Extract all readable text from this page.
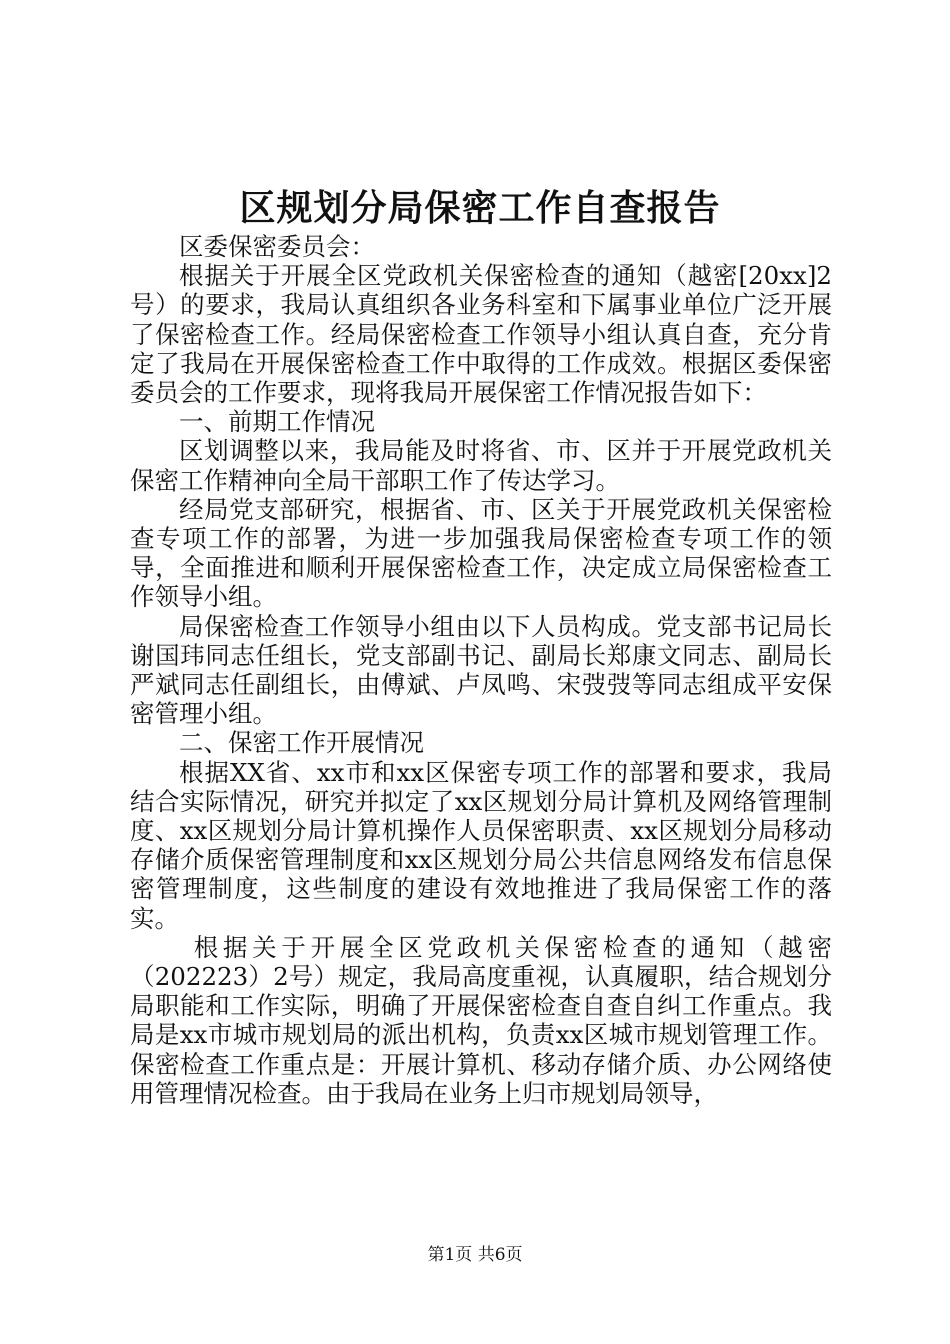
区规划分局保密工作自查报告

区委保密委员会：

根据关于开展全区党政机关保密检查的通知（越密[20xx]2号）的要求，我局认真组织各业务科室和下属事业单位广泛开展了保密检查工作。经局保密检查工作领导小组认真自查，充分肯定了我局在开展保密检查工作中取得的工作成效。根据区委保密委员会的工作要求，现将我局开展保密工作情况报告如下：

一、前期工作情况

区划调整以来，我局能及时将省、市、区并于开展党政机关保密工作精神向全局干部职工作了传达学习。

经局党支部研究，根据省、市、区关于开展党政机关保密检查专项工作的部署，为进一步加强我局保密检查专项工作的领导，全面推进和顺利开展保密检查工作，决定成立局保密检查工作领导小组。

局保密检查工作领导小组由以下人员构成。党支部书记局长谢国玮同志任组长，党支部副书记、副局长郑康文同志、副局长严斌同志任副组长，由傅斌、卢凤鸣、宋弢弢等同志组成平安保密管理小组。

二、保密工作开展情况

根据XX省、xx市和xx区保密专项工作的部署和要求，我局结合实际情况，研究并拟定了xx区规划分局计算机及网络管理制度、xx区规划分局计算机操作人员保密职责、xx区规划分局移动存储介质保密管理制度和xx区规划分局公共信息网络发布信息保密管理制度，这些制度的建设有效地推进了我局保密工作的落实。

根据关于开展全区党政机关保密检查的通知（越密（202223）2号）规定，我局高度重视，认真履职，结合规划分局职能和工作实际，明确了开展保密检查自查自纠工作重点。我局是xx市城市规划局的派出机构，负责xx区城市规划管理工作。保密检查工作重点是：开展计算机、移动存储介质、办公网络使用管理情况检查。由于我局在业务上归市规划局领导，

第1页 共6页
